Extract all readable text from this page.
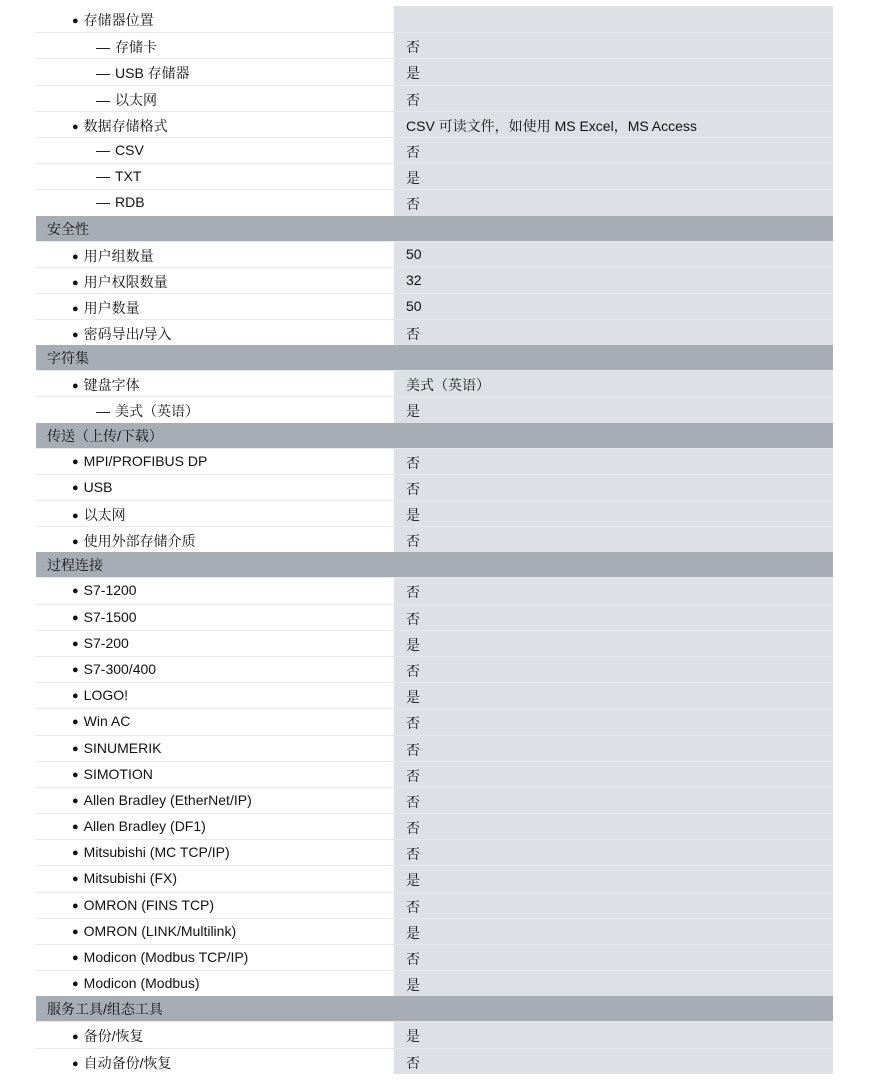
● 存储器位置
— 存储卡	否
— USB 存储器	是
— 以太网	否
● 数据存储格式	CSV 可读文件，如使用 MS Excel，MS Access
— CSV	否
— TXT	是
— RDB	否
安全性
● 用户组数量	50
● 用户权限数量	32
● 用户数量	50
● 密码导出/导入	否
字符集
● 键盘字体	美式（英语）
— 美式（英语）	是
传送（上传/下载）
● MPI/PROFIBUS DP	否
● USB	否
● 以太网	是
● 使用外部存储介质	否
过程连接
● S7-1200	否
● S7-1500	否
● S7-200	是
● S7-300/400	否
● LOGO!	是
● Win AC	否
● SINUMERIK	否
● SIMOTION	否
● Allen Bradley (EtherNet/IP)	否
● Allen Bradley (DF1)	否
● Mitsubishi (MC TCP/IP)	否
● Mitsubishi (FX)	是
● OMRON (FINS TCP)	否
● OMRON (LINK/Multilink)	是
● Modicon (Modbus TCP/IP)	否
● Modicon (Modbus)	是
服务工具/组态工具
● 备份/恢复	是
● 自动备份/恢复	否
